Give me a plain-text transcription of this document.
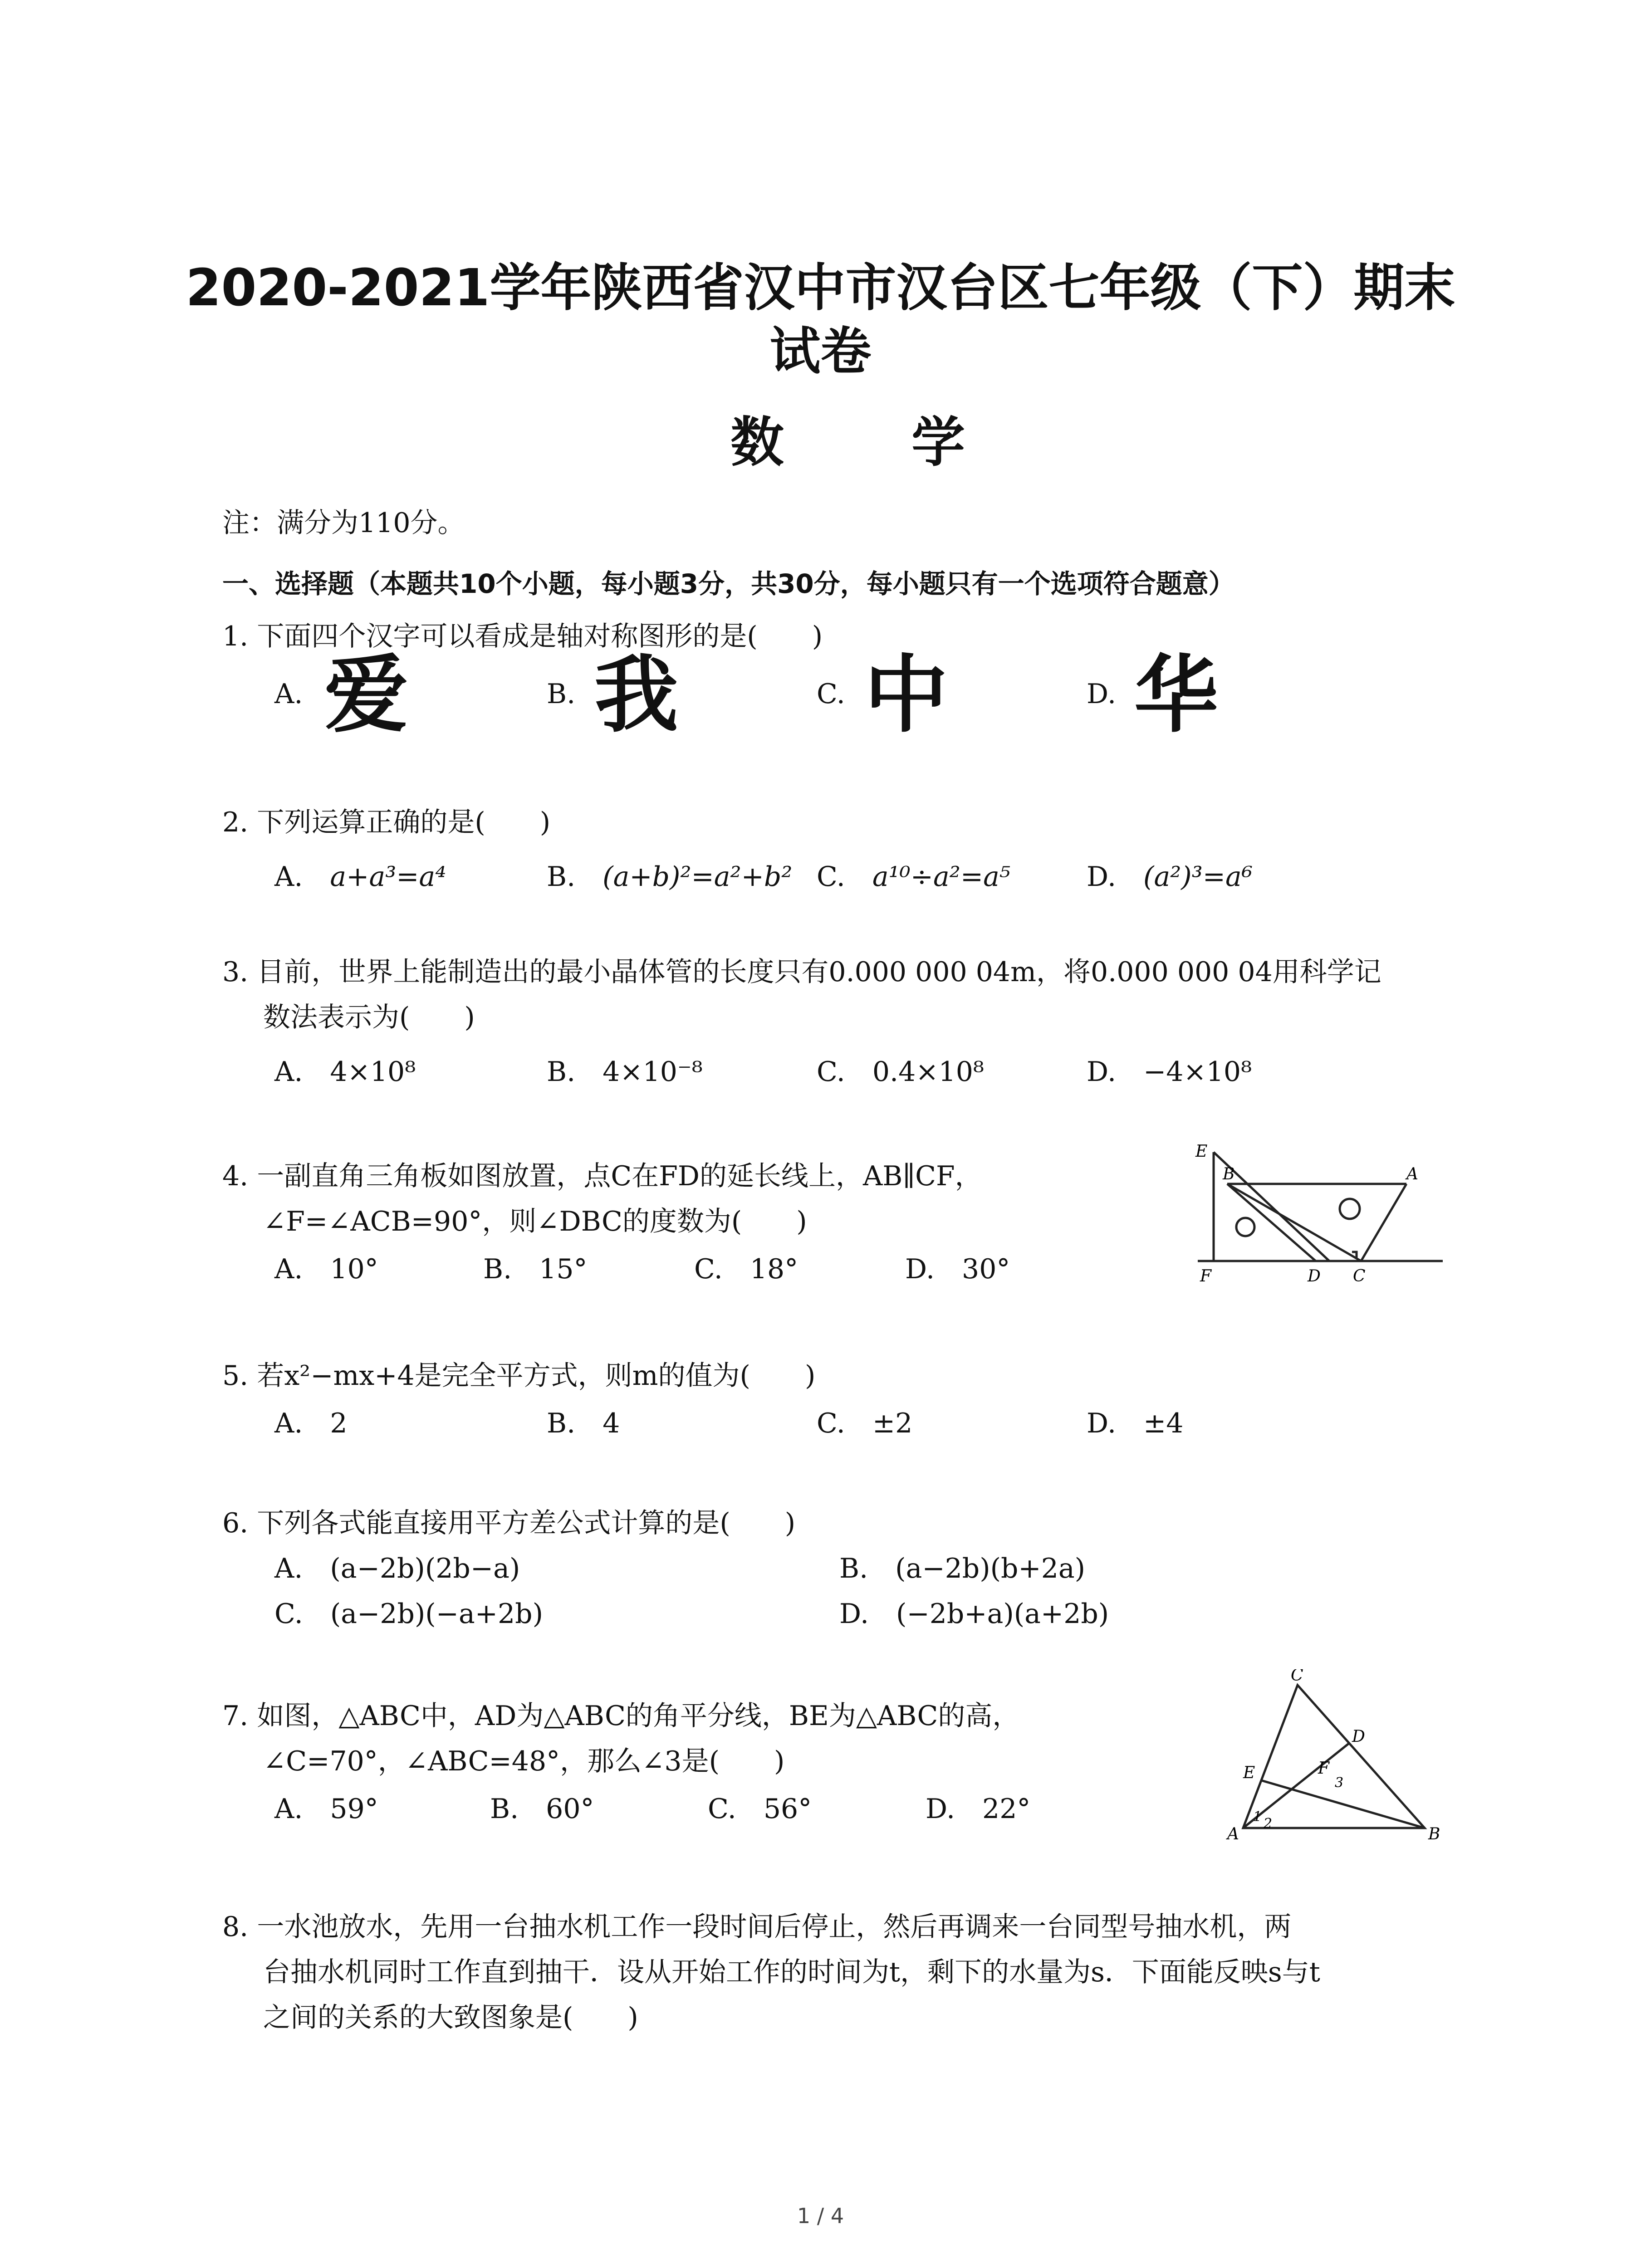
2020-2021学年陕西省汉中市汉台区七年级（下）期末
试卷
数 学
注：满分为110分。
一、选择题（本题共10个小题，每小题3分，共30分，每小题只有一个选项符合题意）
1. 下面四个汉字可以看成是轴对称图形的是(　　)
A. 爱	B. 我	C. 中	D. 华
2. 下列运算正确的是(　　)
A.　 a+a³=a⁴	B.　 (a+b)²=a²+b² C.　 a¹⁰÷a²=a⁵	D.　 (a²)³=a⁶
3. 目前，世界上能制造出的最小晶体管的长度只有0.000 000 04m，将0.000 000 04用科学记
数法表示为(　　)
A.　4×10⁸	B.　4×10⁻⁸	C.　0.4×10⁸	D.　−4×10⁸
4. 一副直角三角板如图放置，点C在FD的延长线上，AB∥CF，
∠F=∠ACB=90°，则∠DBC的度数为(　　)
A.　10°	B.　15°	C.　18°	D.　30°
E
B	A
F	D C
5. 若x²−mx+4是完全平方式，则m的值为(　　)
A.　2	B.　4	C.　±2	D.　±4
6. 下列各式能直接用平方差公式计算的是(　　)
A.　(a−2b)(2b−a)	B.　(a−2b)(b+2a)
C.　(a−2b)(−a+2b)	D.　(−2b+a)(a+2b)
7. 如图，△ABC中，AD为△ABC的角平分线，BE为△ABC的高，
∠C=70°，∠ABC=48°，那么∠3是(　　)
A.　59°	B.　60°	C.　56°	D.　22°
C
E
D
F
3
1 2
A	B
8. 一水池放水，先用一台抽水机工作一段时间后停止，然后再调来一台同型号抽水机，两
台抽水机同时工作直到抽干．设从开始工作的时间为t，剩下的水量为s．下面能反映s与t
之间的关系的大致图象是(　　)
1 / 4
